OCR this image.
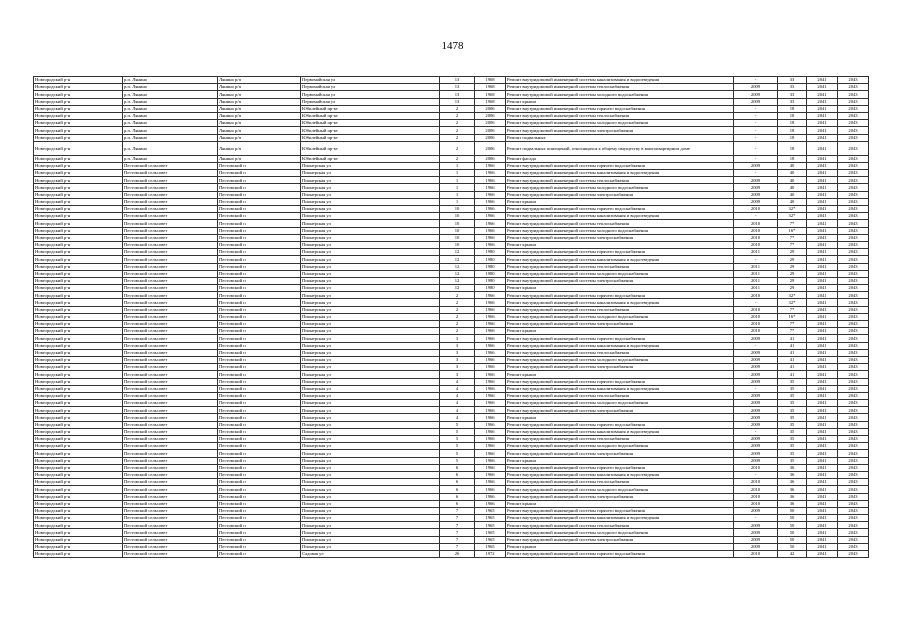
1478
Новгородский р-н	р.п. Лянино	Лянино р/п	Первомайская ул	13	1968	Ремонт внутридомовой инженерной системы канализования и водоотведения	-	33	2041	2043
Новгородский р-н	р.п. Лянино	Лянино р/п	Первомайская ул	13	1968	Ремонт внутридомовой инженерной системы теплоснабжения	2009	33	2041	2043
Новгородский р-н	р.п. Лянино	Лянино р/п	Первомайская ул	13	1968	Ремонт внутридомовой инженерной системы холодного водоснабжения	2009	33	2041	2043
Новгородский р-н	р.п. Лянино	Лянино р/п	Первомайская ул	13	1968	Ремонт крыши	2009	33	2041	2043
Новгородский р-н	р.п. Лянино	Лянино р/п	Юбилейный пр-кт	2	2006	Ремонт внутридомовой инженерной системы горячего водоснабжения	-	18	2041	2043
Новгородский р-н	р.п. Лянино	Лянино р/п	Юбилейный пр-кт	2	2006	Ремонт внутридомовой инженерной системы теплоснабжения	-	18	2041	2043
Новгородский р-н	р.п. Лянино	Лянино р/п	Юбилейный пр-кт	2	2006	Ремонт внутридомовой инженерной системы холодного водоснабжения	-	18	2041	2043
Новгородский р-н	р.п. Лянино	Лянино р/п	Юбилейный пр-кт	2	2006	Ремонт внутридомовой инженерной системы электроснабжения	-	18	2041	2043
Новгородский р-н	р.п. Лянино	Лянино р/п	Юбилейный пр-кт	2	2006	Ремонт подвальных	-	18	2041	2043
Новгородский р-н	р.п. Лянино	Лянино р/п	Юбилейный пр-кт	2	2006	Ремонт подвальных помещений, относящихся к общему имуществу в многоквартирном доме	-	18	2041	2043
Новгородский р-н	р.п. Лянино	Лянино р/п	Юбилейный пр-кт	2	2006	Ремонт фасада	-	18	2041	2043
Новгородский р-н	Пестовский сельсовет	Пестовский п	Пионерская ул	1	1966	Ремонт внутридомовой инженерной системы горячего водоснабжения	2009	40	2041	2043
Новгородский р-н	Пестовский сельсовет	Пестовский п	Пионерская ул	1	1966	Ремонт внутридомовой инженерной системы канализования и водоотведения	-	40	2041	2043
Новгородский р-н	Пестовский сельсовет	Пестовский п	Пионерская ул	1	1966	Ремонт внутридомовой инженерной системы теплоснабжения	2009	40	2041	2043
Новгородский р-н	Пестовский сельсовет	Пестовский п	Пионерская ул	1	1966	Ремонт внутридомовой инженерной системы холодного водоснабжения	2009	40	2041	2043
Новгородский р-н	Пестовский сельсовет	Пестовский п	Пионерская ул	1	1966	Ремонт внутридомовой инженерной системы электроснабжения	2009	40	2041	2043
Новгородский р-н	Пестовский сельсовет	Пестовский п	Пионерская ул	1	1966	Ремонт крыши	2009	40	2041	2043
Новгородский р-н	Пестовский сельсовет	Пестовский п	Пионерская ул	10	1966	Ремонт внутридомовой инженерной системы горячего водоснабжения	2010	32*	2041	2043
Новгородский р-н	Пестовский сельсовет	Пестовский п	Пионерская ул	10	1966	Ремонт внутридомовой инженерной системы канализования и водоотведения	-	32*	2041	2043
Новгородский р-н	Пестовский сельсовет	Пестовский п	Пионерская ул	10	1966	Ремонт внутридомовой инженерной системы теплоснабжения	2010	7*	2041	2043
Новгородский р-н	Пестовский сельсовет	Пестовский п	Пионерская ул	10	1966	Ремонт внутридомовой инженерной системы холодного водоснабжения	2010	16*	2041	2043
Новгородский р-н	Пестовский сельсовет	Пестовский п	Пионерская ул	10	1966	Ремонт внутридомовой инженерной системы электроснабжения	2010	7*	2041	2043
Новгородский р-н	Пестовский сельсовет	Пестовский п	Пионерская ул	10	1966	Ремонт крыши	2010	7*	2041	2043
Новгородский р-н	Пестовский сельсовет	Пестовский п	Пионерская ул	12	1980	Ремонт внутридомовой инженерной системы горячего водоснабжения	2011	29	2041	2043
Новгородский р-н	Пестовский сельсовет	Пестовский п	Пионерская ул	12	1980	Ремонт внутридомовой инженерной системы канализования и водоотведения	-	29	2041	2043
Новгородский р-н	Пестовский сельсовет	Пестовский п	Пионерская ул	12	1980	Ремонт внутридомовой инженерной системы теплоснабжения	2011	29	2041	2043
Новгородский р-н	Пестовский сельсовет	Пестовский п	Пионерская ул	12	1980	Ремонт внутридомовой инженерной системы холодного водоснабжения	2011	29	2041	2043
Новгородский р-н	Пестовский сельсовет	Пестовский п	Пионерская ул	12	1980	Ремонт внутридомовой инженерной системы электроснабжения	2011	29	2041	2043
Новгородский р-н	Пестовский сельсовет	Пестовский п	Пионерская ул	12	1980	Ремонт крыши	2011	29	2041	2043
Новгородский р-н	Пестовский сельсовет	Пестовский п	Пионерская ул	2	1966	Ремонт внутридомовой инженерной системы горячего водоснабжения	2010	32*	2041	2043
Новгородский р-н	Пестовский сельсовет	Пестовский п	Пионерская ул	2	1966	Ремонт внутридомовой инженерной системы канализования и водоотведения	-	32*	2041	2043
Новгородский р-н	Пестовский сельсовет	Пестовский п	Пионерская ул	2	1966	Ремонт внутридомовой инженерной системы теплоснабжения	2010	7*	2041	2043
Новгородский р-н	Пестовский сельсовет	Пестовский п	Пионерская ул	2	1966	Ремонт внутридомовой инженерной системы холодного водоснабжения	2010	16*	2041	2043
Новгородский р-н	Пестовский сельсовет	Пестовский п	Пионерская ул	2	1966	Ремонт внутридомовой инженерной системы электроснабжения	2010	7*	2041	2043
Новгородский р-н	Пестовский сельсовет	Пестовский п	Пионерская ул	2	1966	Ремонт крыши	2010	7*	2041	2043
Новгородский р-н	Пестовский сельсовет	Пестовский п	Пионерская ул	3	1966	Ремонт внутридомовой инженерной системы горячего водоснабжения	2009	41	2041	2043
Новгородский р-н	Пестовский сельсовет	Пестовский п	Пионерская ул	3	1966	Ремонт внутридомовой инженерной системы канализования и водоотведения	-	41	2041	2043
Новгородский р-н	Пестовский сельсовет	Пестовский п	Пионерская ул	3	1966	Ремонт внутридомовой инженерной системы теплоснабжения	2009	41	2041	2043
Новгородский р-н	Пестовский сельсовет	Пестовский п	Пионерская ул	3	1966	Ремонт внутридомовой инженерной системы холодного водоснабжения	2009	41	2041	2043
Новгородский р-н	Пестовский сельсовет	Пестовский п	Пионерская ул	3	1966	Ремонт внутридомовой инженерной системы электроснабжения	2009	41	2041	2043
Новгородский р-н	Пестовский сельсовет	Пестовский п	Пионерская ул	3	1966	Ремонт крыши	2009	41	2041	2043
Новгородский р-н	Пестовский сельсовет	Пестовский п	Пионерская ул	4	1966	Ремонт внутридомовой инженерной системы горячего водоснабжения	2009	35	2041	2043
Новгородский р-н	Пестовский сельсовет	Пестовский п	Пионерская ул	4	1966	Ремонт внутридомовой инженерной системы канализования и водоотведения	-	35	2041	2043
Новгородский р-н	Пестовский сельсовет	Пестовский п	Пионерская ул	4	1966	Ремонт внутридомовой инженерной системы теплоснабжения	2009	35	2041	2043
Новгородский р-н	Пестовский сельсовет	Пестовский п	Пионерская ул	4	1966	Ремонт внутридомовой инженерной системы холодного водоснабжения	2009	35	2041	2043
Новгородский р-н	Пестовский сельсовет	Пестовский п	Пионерская ул	4	1966	Ремонт внутридомовой инженерной системы электроснабжения	2009	35	2041	2043
Новгородский р-н	Пестовский сельсовет	Пестовский п	Пионерская ул	4	1966	Ремонт крыши	2009	35	2041	2043
Новгородский р-н	Пестовский сельсовет	Пестовский п	Пионерская ул	5	1966	Ремонт внутридомовой инженерной системы горячего водоснабжения	2009	35	2041	2043
Новгородский р-н	Пестовский сельсовет	Пестовский п	Пионерская ул	5	1966	Ремонт внутридомовой инженерной системы канализования и водоотведения	-	35	2041	2043
Новгородский р-н	Пестовский сельсовет	Пестовский п	Пионерская ул	5	1966	Ремонт внутридомовой инженерной системы теплоснабжения	2009	35	2041	2043
Новгородский р-н	Пестовский сельсовет	Пестовский п	Пионерская ул	5	1966	Ремонт внутридомовой инженерной системы холодного водоснабжения	2009	35	2041	2043
Новгородский р-н	Пестовский сельсовет	Пестовский п	Пионерская ул	5	1966	Ремонт внутридомовой инженерной системы электроснабжения	2009	35	2041	2043
Новгородский р-н	Пестовский сельсовет	Пестовский п	Пионерская ул	5	1966	Ремонт крыши	2009	35	2041	2043
Новгородский р-н	Пестовский сельсовет	Пестовский п	Пионерская ул	6	1966	Ремонт внутридомовой инженерной системы горячего водоснабжения	2010	36	2041	2043
Новгородский р-н	Пестовский сельсовет	Пестовский п	Пионерская ул	6	1966	Ремонт внутридомовой инженерной системы канализования и водоотведения	-	36	2041	2043
Новгородский р-н	Пестовский сельсовет	Пестовский п	Пионерская ул	6	1966	Ремонт внутридомовой инженерной системы теплоснабжения	2010	36	2041	2043
Новгородский р-н	Пестовский сельсовет	Пестовский п	Пионерская ул	6	1966	Ремонт внутридомовой инженерной системы холодного водоснабжения	2010	36	2041	2043
Новгородский р-н	Пестовский сельсовет	Пестовский п	Пионерская ул	6	1966	Ремонт внутридомовой инженерной системы электроснабжения	2010	36	2041	2043
Новгородский р-н	Пестовский сельсовет	Пестовский п	Пионерская ул	6	1966	Ремонт крыши	2010	36	2041	2043
Новгородский р-н	Пестовский сельсовет	Пестовский п	Пионерская ул	7	1965	Ремонт внутридомовой инженерной системы горячего водоснабжения	2009	50	2041	2043
Новгородский р-н	Пестовский сельсовет	Пестовский п	Пионерская ул	7	1965	Ремонт внутридомовой инженерной системы канализования и водоотведения	-	50	2041	2043
Новгородский р-н	Пестовский сельсовет	Пестовский п	Пионерская ул	7	1965	Ремонт внутридомовой инженерной системы теплоснабжения	2009	50	2041	2043
Новгородский р-н	Пестовский сельсовет	Пестовский п	Пионерская ул	7	1965	Ремонт внутридомовой инженерной системы холодного водоснабжения	2009	50	2041	2043
Новгородский р-н	Пестовский сельсовет	Пестовский п	Пионерская ул	7	1965	Ремонт внутридомовой инженерной системы электроснабжения	2009	50	2041	2043
Новгородский р-н	Пестовский сельсовет	Пестовский п	Пионерская ул	7	1965	Ремонт крыши	2009	50	2041	2043
Новгородский р-н	Пестовский сельсовет	Пестовский п	Садовая ул	26	1972	Ремонт внутридомовой инженерной системы горячего водоснабжения	2010	42	2041	2043
